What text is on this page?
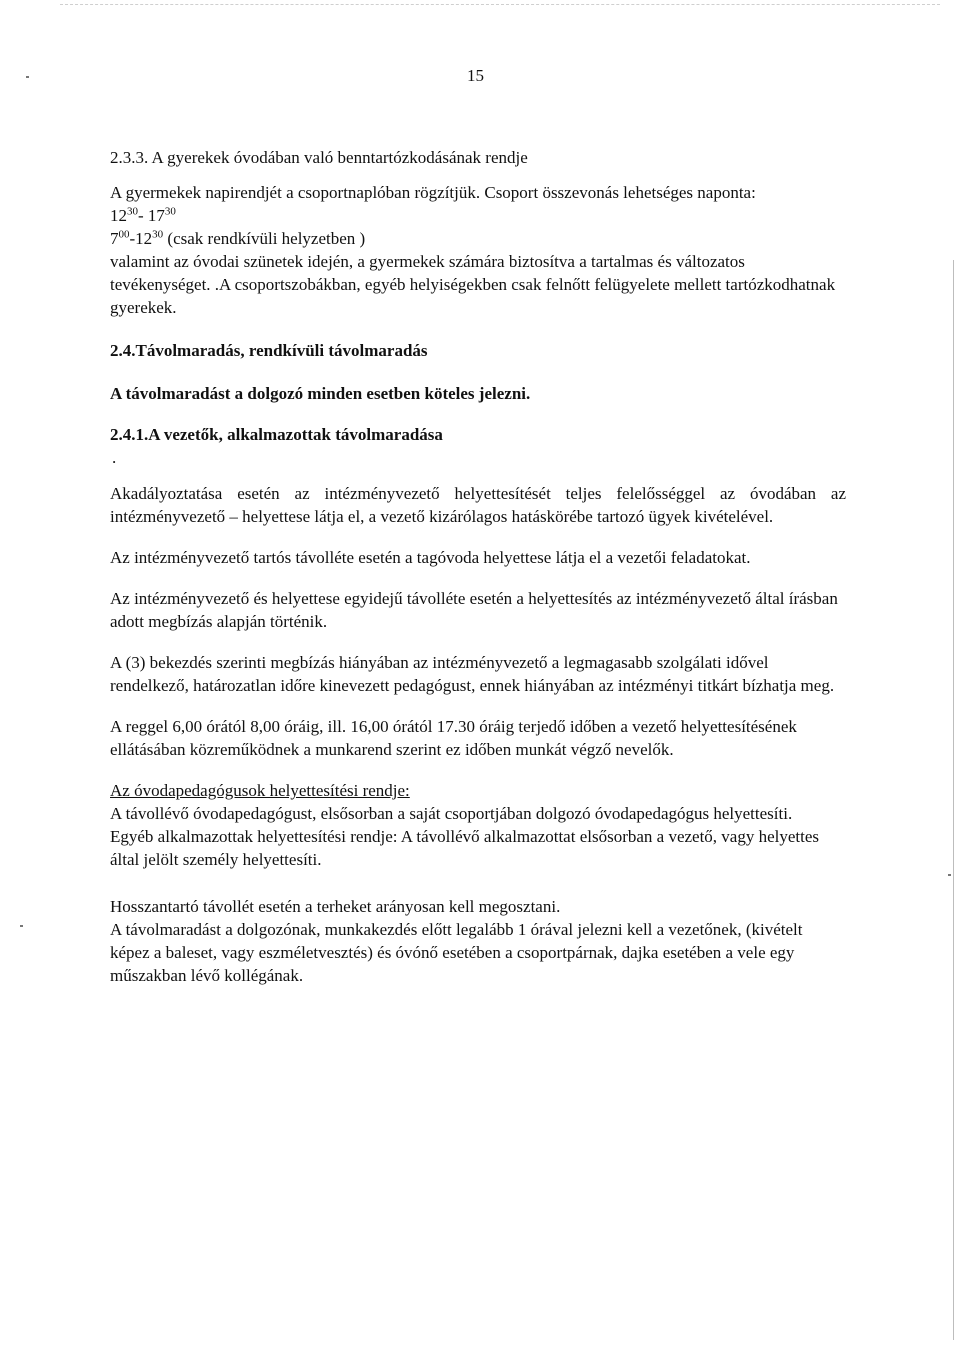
15

2.3.3. A gyerekek óvodában való benntartózkodásának rendje

A gyermekek napirendjét a csoportnaplóban rögzítjük. Csoport összevonás lehetséges naponta:

$12^{30}-$ $17^{30}$

$7^{00}-12^{30}$ (csak rendkívüli helyzetben )

valamint az óvodai szünetek idején, a gyermekek számára biztosítva a tartalmas és változatos tevékenységet. .A csoportszobákban, egyéb helyiségekben csak felnőtt felügyelete mellett tartózkodhatnak gyerekek.

2.4.Távolmaradás, rendkívüli távolmaradás

A távolmaradást a dolgozó minden esetben köteles jelezni.

2.4.1.A vezetők, alkalmazottak távolmaradása

.

Akadályoztatása esetén az intézményvezető helyettesítését teljes felelősséggel az óvodában az intézményvezető – helyettese látja el, a vezető kizárólagos hatáskörébe tartozó ügyek kivételével.

Az intézményvezető tartós távolléte esetén a tagóvoda helyettese látja el a vezetői feladatokat.

Az intézményvezető és helyettese egyidejű távolléte esetén a helyettesítés az intézményvezető által írásban adott megbízás alapján történik.

A (3) bekezdés szerinti megbízás hiányában az intézményvezető a legmagasabb szolgálati idővel rendelkező, határozatlan időre kinevezett pedagógust, ennek hiányában az intézményi titkárt bízhatja meg.

A reggel 6,00 órától 8,00 óráig, ill. 16,00 órától 17.30 óráig terjedő időben a vezető helyettesítésének ellátásában közreműködnek a munkarend szerint ez időben munkát végző nevelők.

Az óvodapedagógusok helyettesítési rendje:

A távollévő óvodapedagógust, elsősorban a saját csoportjában dolgozó óvodapedagógus helyettesíti.

Egyéb alkalmazottak helyettesítési rendje: A távollévő alkalmazottat elsősorban a vezető, vagy helyettes által jelölt személy helyettesíti.

Hosszantartó távollét esetén a terheket arányosan kell megosztani.

A távolmaradást a dolgozónak, munkakezdés előtt legalább 1 órával jelezni kell a vezetőnek, (kivételt képez a baleset, vagy eszméletvesztés) és óvónő esetében a csoportpárnak, dajka esetében a vele egy műszakban lévő kollégának.
